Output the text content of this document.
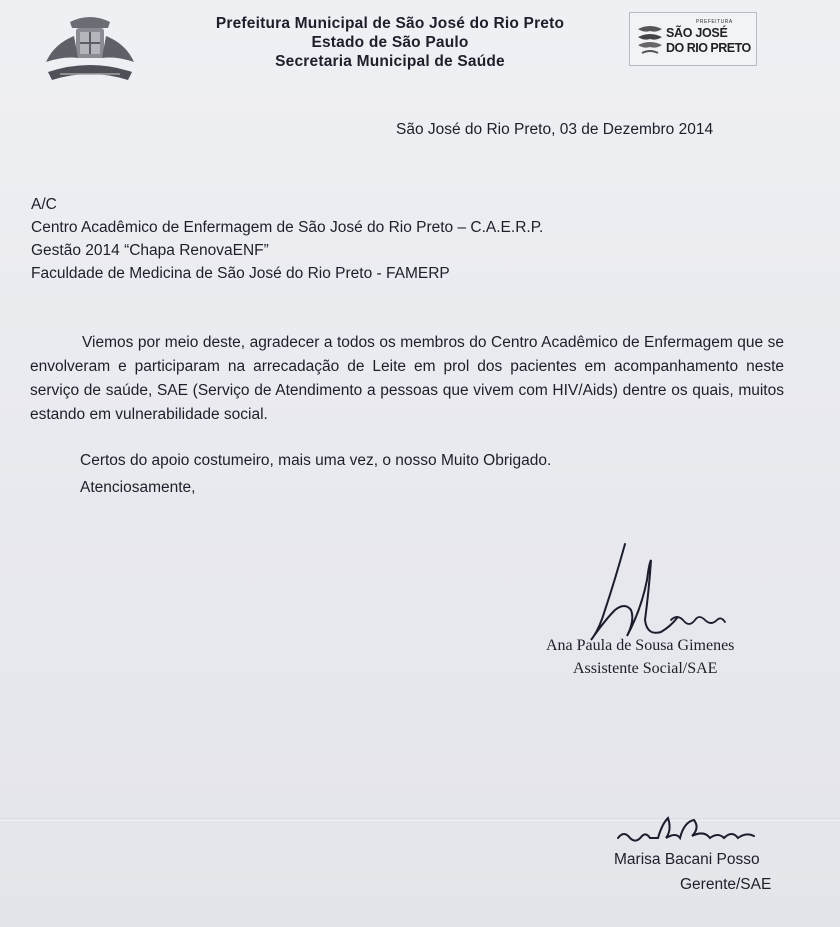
Prefeitura Municipal de São José do Rio Preto
Estado de São Paulo
Secretaria Municipal de Saúde
PREFEITURA
SÃO JOSÉ
DO RIO PRETO
São José do Rio Preto, 03 de Dezembro 2014
A/C
Centro Acadêmico de Enfermagem de São José do Rio Preto – C.A.E.R.P.
Gestão 2014 “Chapa RenovaENF”
Faculdade de Medicina de São José do Rio Preto - FAMERP
Viemos por meio deste, agradecer a todos os membros do Centro Acadêmico de Enfermagem que se envolveram e participaram na arrecadação de Leite em prol dos pacientes em acompanhamento neste serviço de saúde, SAE (Serviço de Atendimento a pessoas que vivem com HIV/Aids) dentre os quais, muitos estando em vulnerabilidade social.
Certos do apoio costumeiro, mais uma vez, o nosso Muito Obrigado.
Atenciosamente,
Ana Paula de Sousa Gimenes
Assistente Social/SAE
Marisa Bacani Posso
Gerente/SAE
